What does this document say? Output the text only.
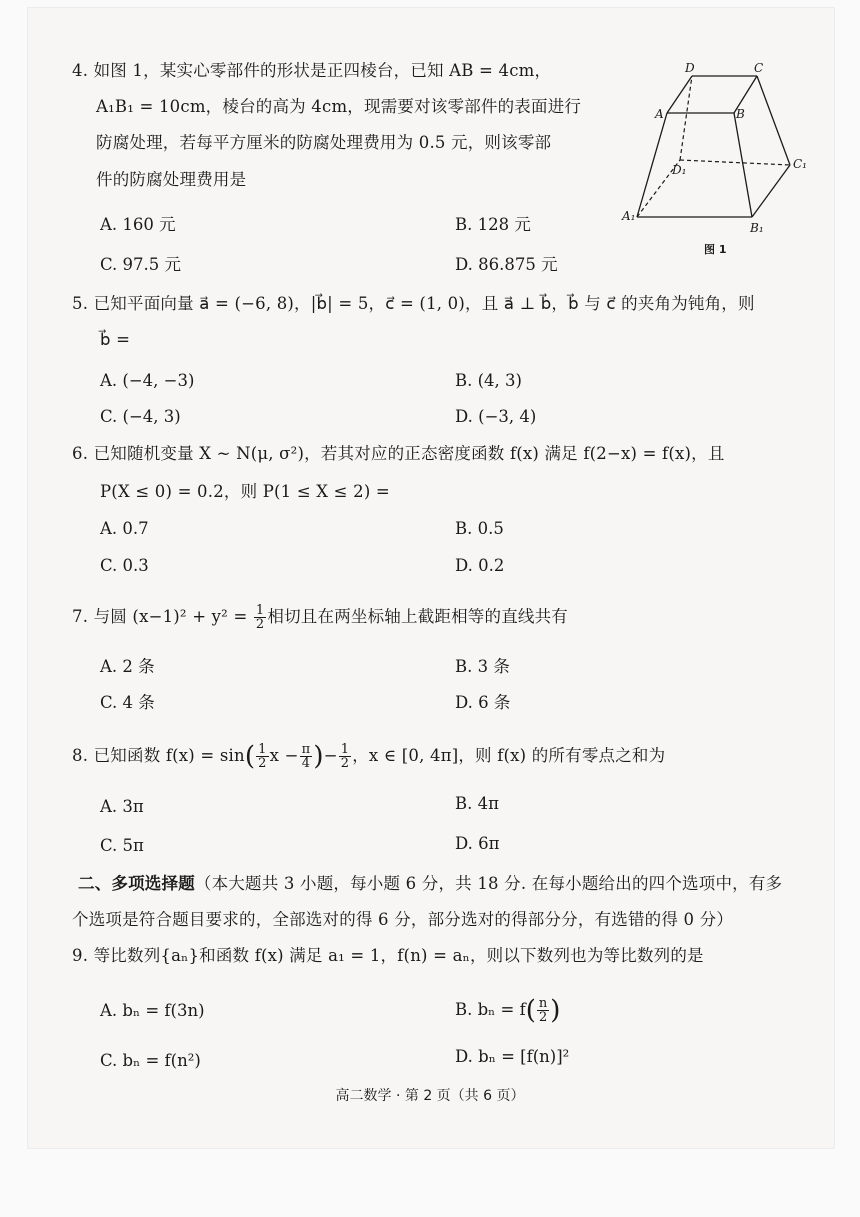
4. 如图 1，某实心零部件的形状是正四棱台，已知 AB = 4cm，
A₁B₁ = 10cm，棱台的高为 4cm，现需要对该零部件的表面进行
防腐处理，若每平方厘米的防腐处理费用为 0.5 元，则该零部
件的防腐处理费用是
A. 160 元	B. 128 元
C. 97.5 元	D. 86.875 元
D	C
A	B
D₁	C₁
A₁
B₁
图 1
5. 已知平面向量 a⃗ = (−6, 8)，|b⃗| = 5，c⃗ = (1, 0)，且 a⃗ ⊥ b⃗，b⃗ 与 c⃗ 的夹角为钝角，则
b⃗ =
A. (−4, −3)	B. (4, 3)
C. (−4, 3)	D. (−3, 4)
6. 已知随机变量 X ~ N(μ, σ²)，若其对应的正态密度函数 f(x) 满足 f(2−x) = f(x)，且
P(X ≤ 0) = 0.2，则 P(1 ≤ X ≤ 2) =
A. 0.7	B. 0.5
C. 0.3	D. 0.2
7. 与圆 $(x-1)^2 + y^2 = \frac{1}{2}$ 相切且在两坐标轴上截距相等的直线共有
A. 2 条	B. 3 条
C. 4 条	D. 6 条
8. 已知函数 $f(x) = \sin( \frac{1}{2}$ $x - \frac{\pi}{4}$ )− $\frac{1}{2}$ ，x ∈ [0, 4π]，则 f(x) 的所有零点之和为
A. 3π	B. 4π
C. 5π	D. 6π
二、多项选择题（本大题共 3 小题，每小题 6 分，共 18 分. 在每小题给出的四个选项中，有多
个选项是符合题目要求的，全部选对的得 6 分，部分选对的得部分分，有选错的得 0 分）
9. 等比数列{aₙ}和函数 f(x) 满足 a₁ = 1，f(n) = aₙ，则以下数列也为等比数列的是
A. bₙ = f(3n)	B. $b_n = f( \frac{n}{2}$ )
C. bₙ = f(n²)	D. bₙ = [f(n)]²
高二数学 · 第 2 页（共 6 页）
